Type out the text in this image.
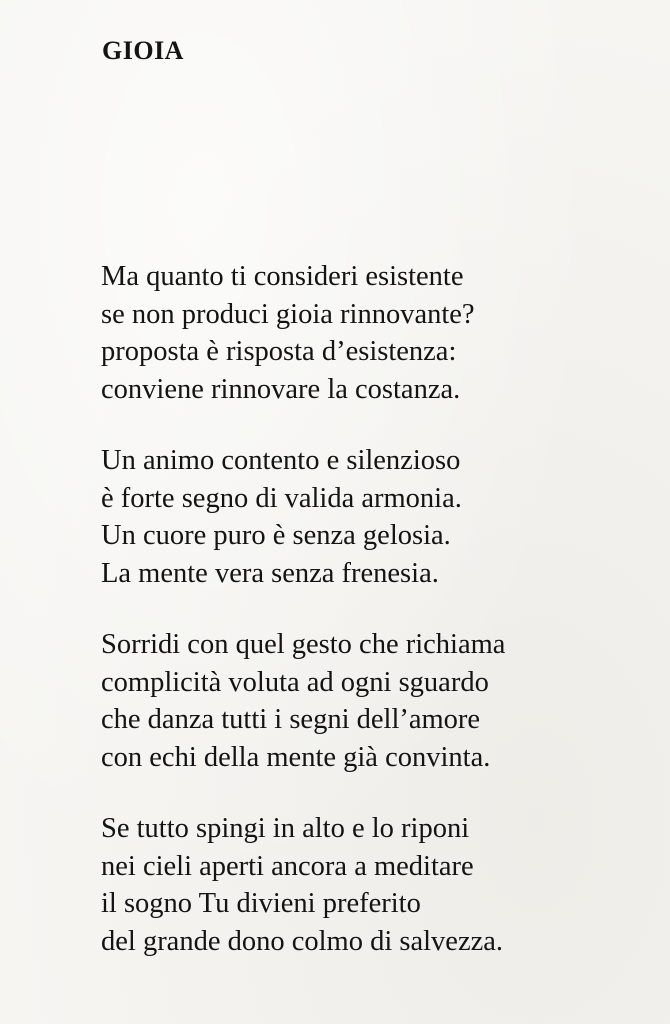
GIOIA
Ma quanto ti consideri esistente
se non produci gioia rinnovante?
proposta è risposta d’esistenza:
conviene rinnovare la costanza.
Un animo contento e silenzioso
è forte segno di valida armonia.
Un cuore puro è senza gelosia.
La mente vera senza frenesia.
Sorridi con quel gesto che richiama
complicità voluta ad ogni sguardo
che danza tutti i segni dell’amore
con echi della mente già convinta.
Se tutto spingi in alto e lo riponi
nei cieli aperti ancora a meditare
il sogno Tu divieni preferito
del grande dono colmo di salvezza.
